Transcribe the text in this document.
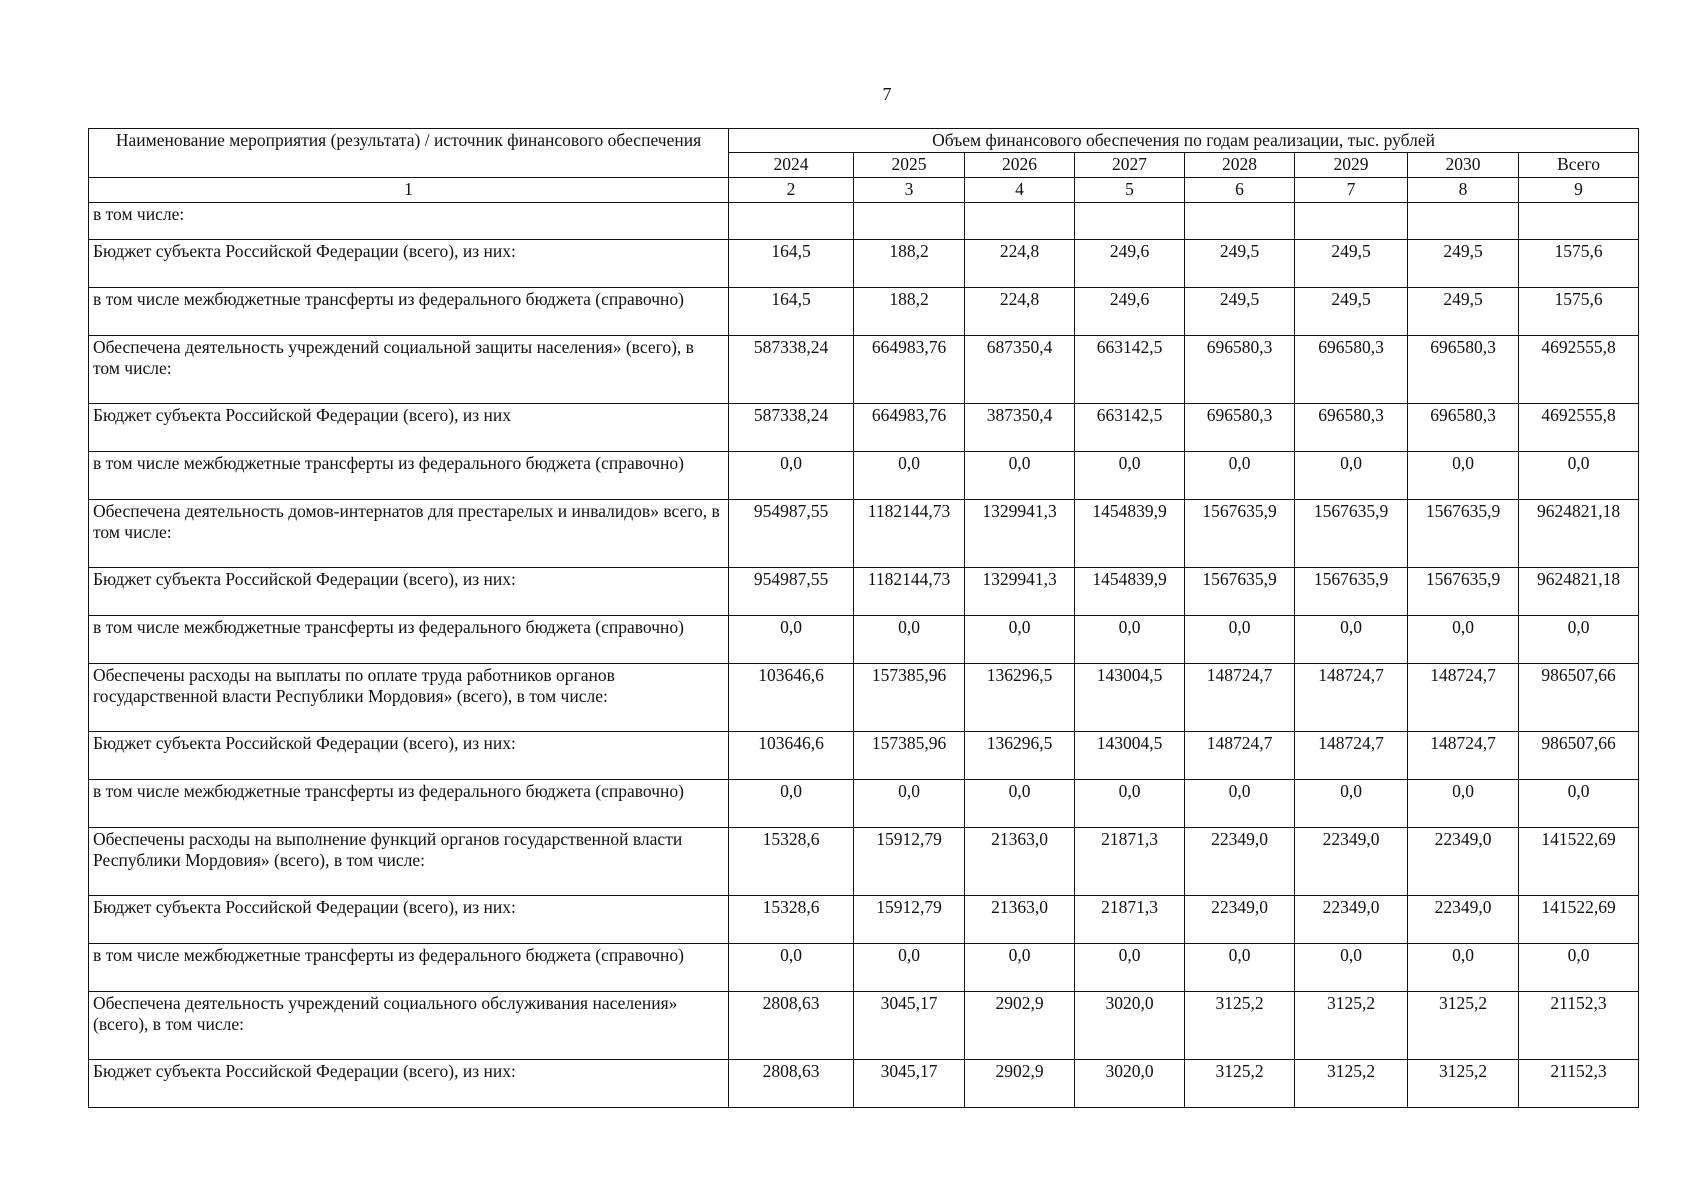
7
Наименование мероприятия (результата) / источник финансового обеспечения	Объем финансового обеспечения по годам реализации, тыс. рублей							
	2024	2025	2026	2027	2028	2029	2030	Всего
1	2	3	4	5	6	7	8	9
в том числе:								
Бюджет субъекта Российской Федерации (всего), из них:	164,5	188,2	224,8	249,6	249,5	249,5	249,5	1575,6
в том числе межбюджетные трансферты из федерального бюджета (справочно)	164,5	188,2	224,8	249,6	249,5	249,5	249,5	1575,6
Обеспечена деятельность учреждений социальной защиты населения» (всего), в том числе:	587338,24	664983,76	687350,4	663142,5	696580,3	696580,3	696580,3	4692555,8
Бюджет субъекта Российской Федерации (всего), из них	587338,24	664983,76	387350,4	663142,5	696580,3	696580,3	696580,3	4692555,8
в том числе межбюджетные трансферты из федерального бюджета (справочно)	0,0	0,0	0,0	0,0	0,0	0,0	0,0	0,0
Обеспечена деятельность домов-интернатов для престарелых и инвалидов» всего, в том числе:	954987,55	1182144,73	1329941,3	1454839,9	1567635,9	1567635,9	1567635,9	9624821,18
Бюджет субъекта Российской Федерации (всего), из них:	954987,55	1182144,73	1329941,3	1454839,9	1567635,9	1567635,9	1567635,9	9624821,18
в том числе межбюджетные трансферты из федерального бюджета (справочно)	0,0	0,0	0,0	0,0	0,0	0,0	0,0	0,0
Обеспечены расходы на выплаты по оплате труда работников органов государственной власти Республики Мордовия» (всего), в том числе:	103646,6	157385,96	136296,5	143004,5	148724,7	148724,7	148724,7	986507,66
Бюджет субъекта Российской Федерации (всего), из них:	103646,6	157385,96	136296,5	143004,5	148724,7	148724,7	148724,7	986507,66
в том числе межбюджетные трансферты из федерального бюджета (справочно)	0,0	0,0	0,0	0,0	0,0	0,0	0,0	0,0
Обеспечены расходы на выполнение функций органов государственной власти Республики Мордовия» (всего), в том числе:	15328,6	15912,79	21363,0	21871,3	22349,0	22349,0	22349,0	141522,69
Бюджет субъекта Российской Федерации (всего), из них:	15328,6	15912,79	21363,0	21871,3	22349,0	22349,0	22349,0	141522,69
в том числе межбюджетные трансферты из федерального бюджета (справочно)	0,0	0,0	0,0	0,0	0,0	0,0	0,0	0,0
Обеспечена деятельность учреждений социального обслуживания населения» (всего), в том числе:	2808,63	3045,17	2902,9	3020,0	3125,2	3125,2	3125,2	21152,3
Бюджет субъекта Российской Федерации (всего), из них:	2808,63	3045,17	2902,9	3020,0	3125,2	3125,2	3125,2	21152,3
